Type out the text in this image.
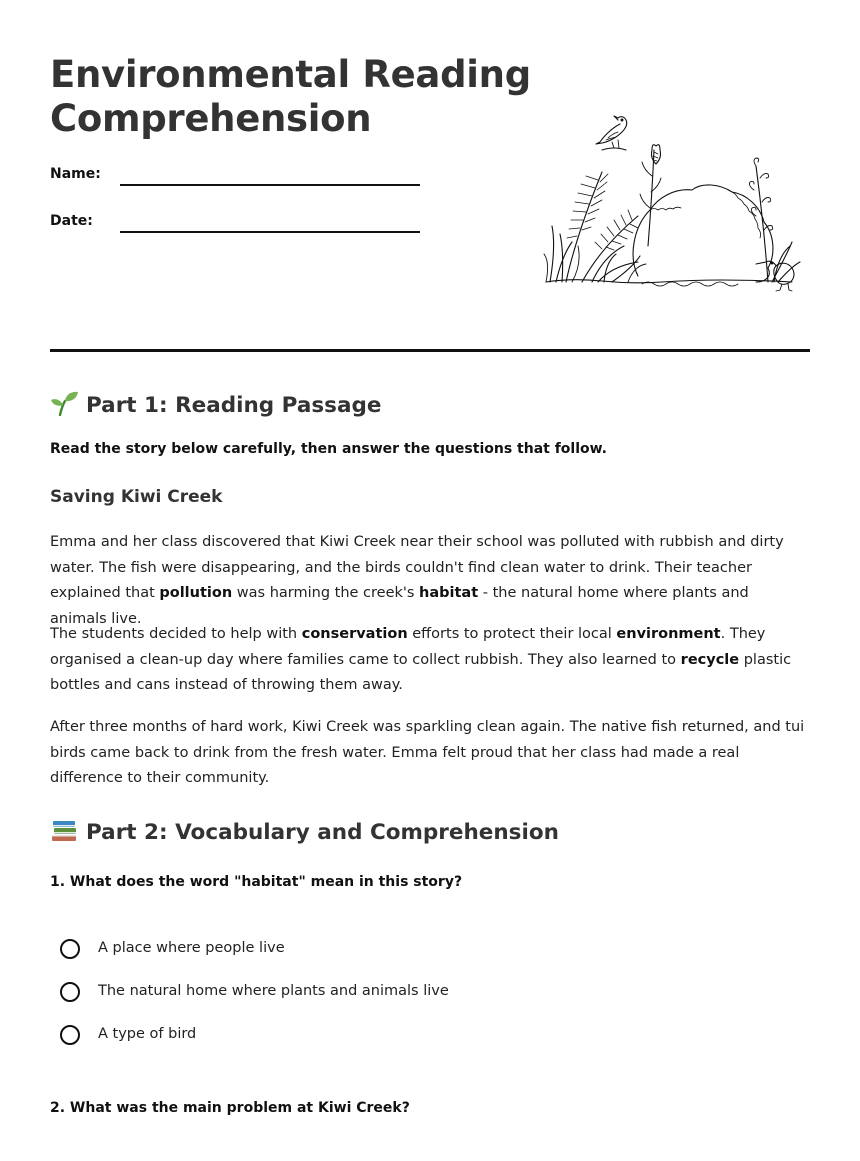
Environmental Reading
Comprehension
Name:
Date:
Part 1: Reading Passage

Read the story below carefully, then answer the questions that follow.

Saving Kiwi Creek

Emma and her class discovered that Kiwi Creek near their school was polluted with rubbish and dirty water. The fish were disappearing, and the birds couldn't find clean water to drink. Their teacher explained that pollution was harming the creek's habitat - the natural home where plants and animals live.

The students decided to help with conservation efforts to protect their local environment. They organised a clean-up day where families came to collect rubbish. They also learned to recycle plastic bottles and cans instead of throwing them away.

After three months of hard work, Kiwi Creek was sparkling clean again. The native fish returned, and tui birds came back to drink from the fresh water. Emma felt proud that her class had made a real difference to their community.

Part 2: Vocabulary and Comprehension

1. What does the word "habitat" mean in this story?

A place where people live
The natural home where plants and animals live
A type of bird

2. What was the main problem at Kiwi Creek?
